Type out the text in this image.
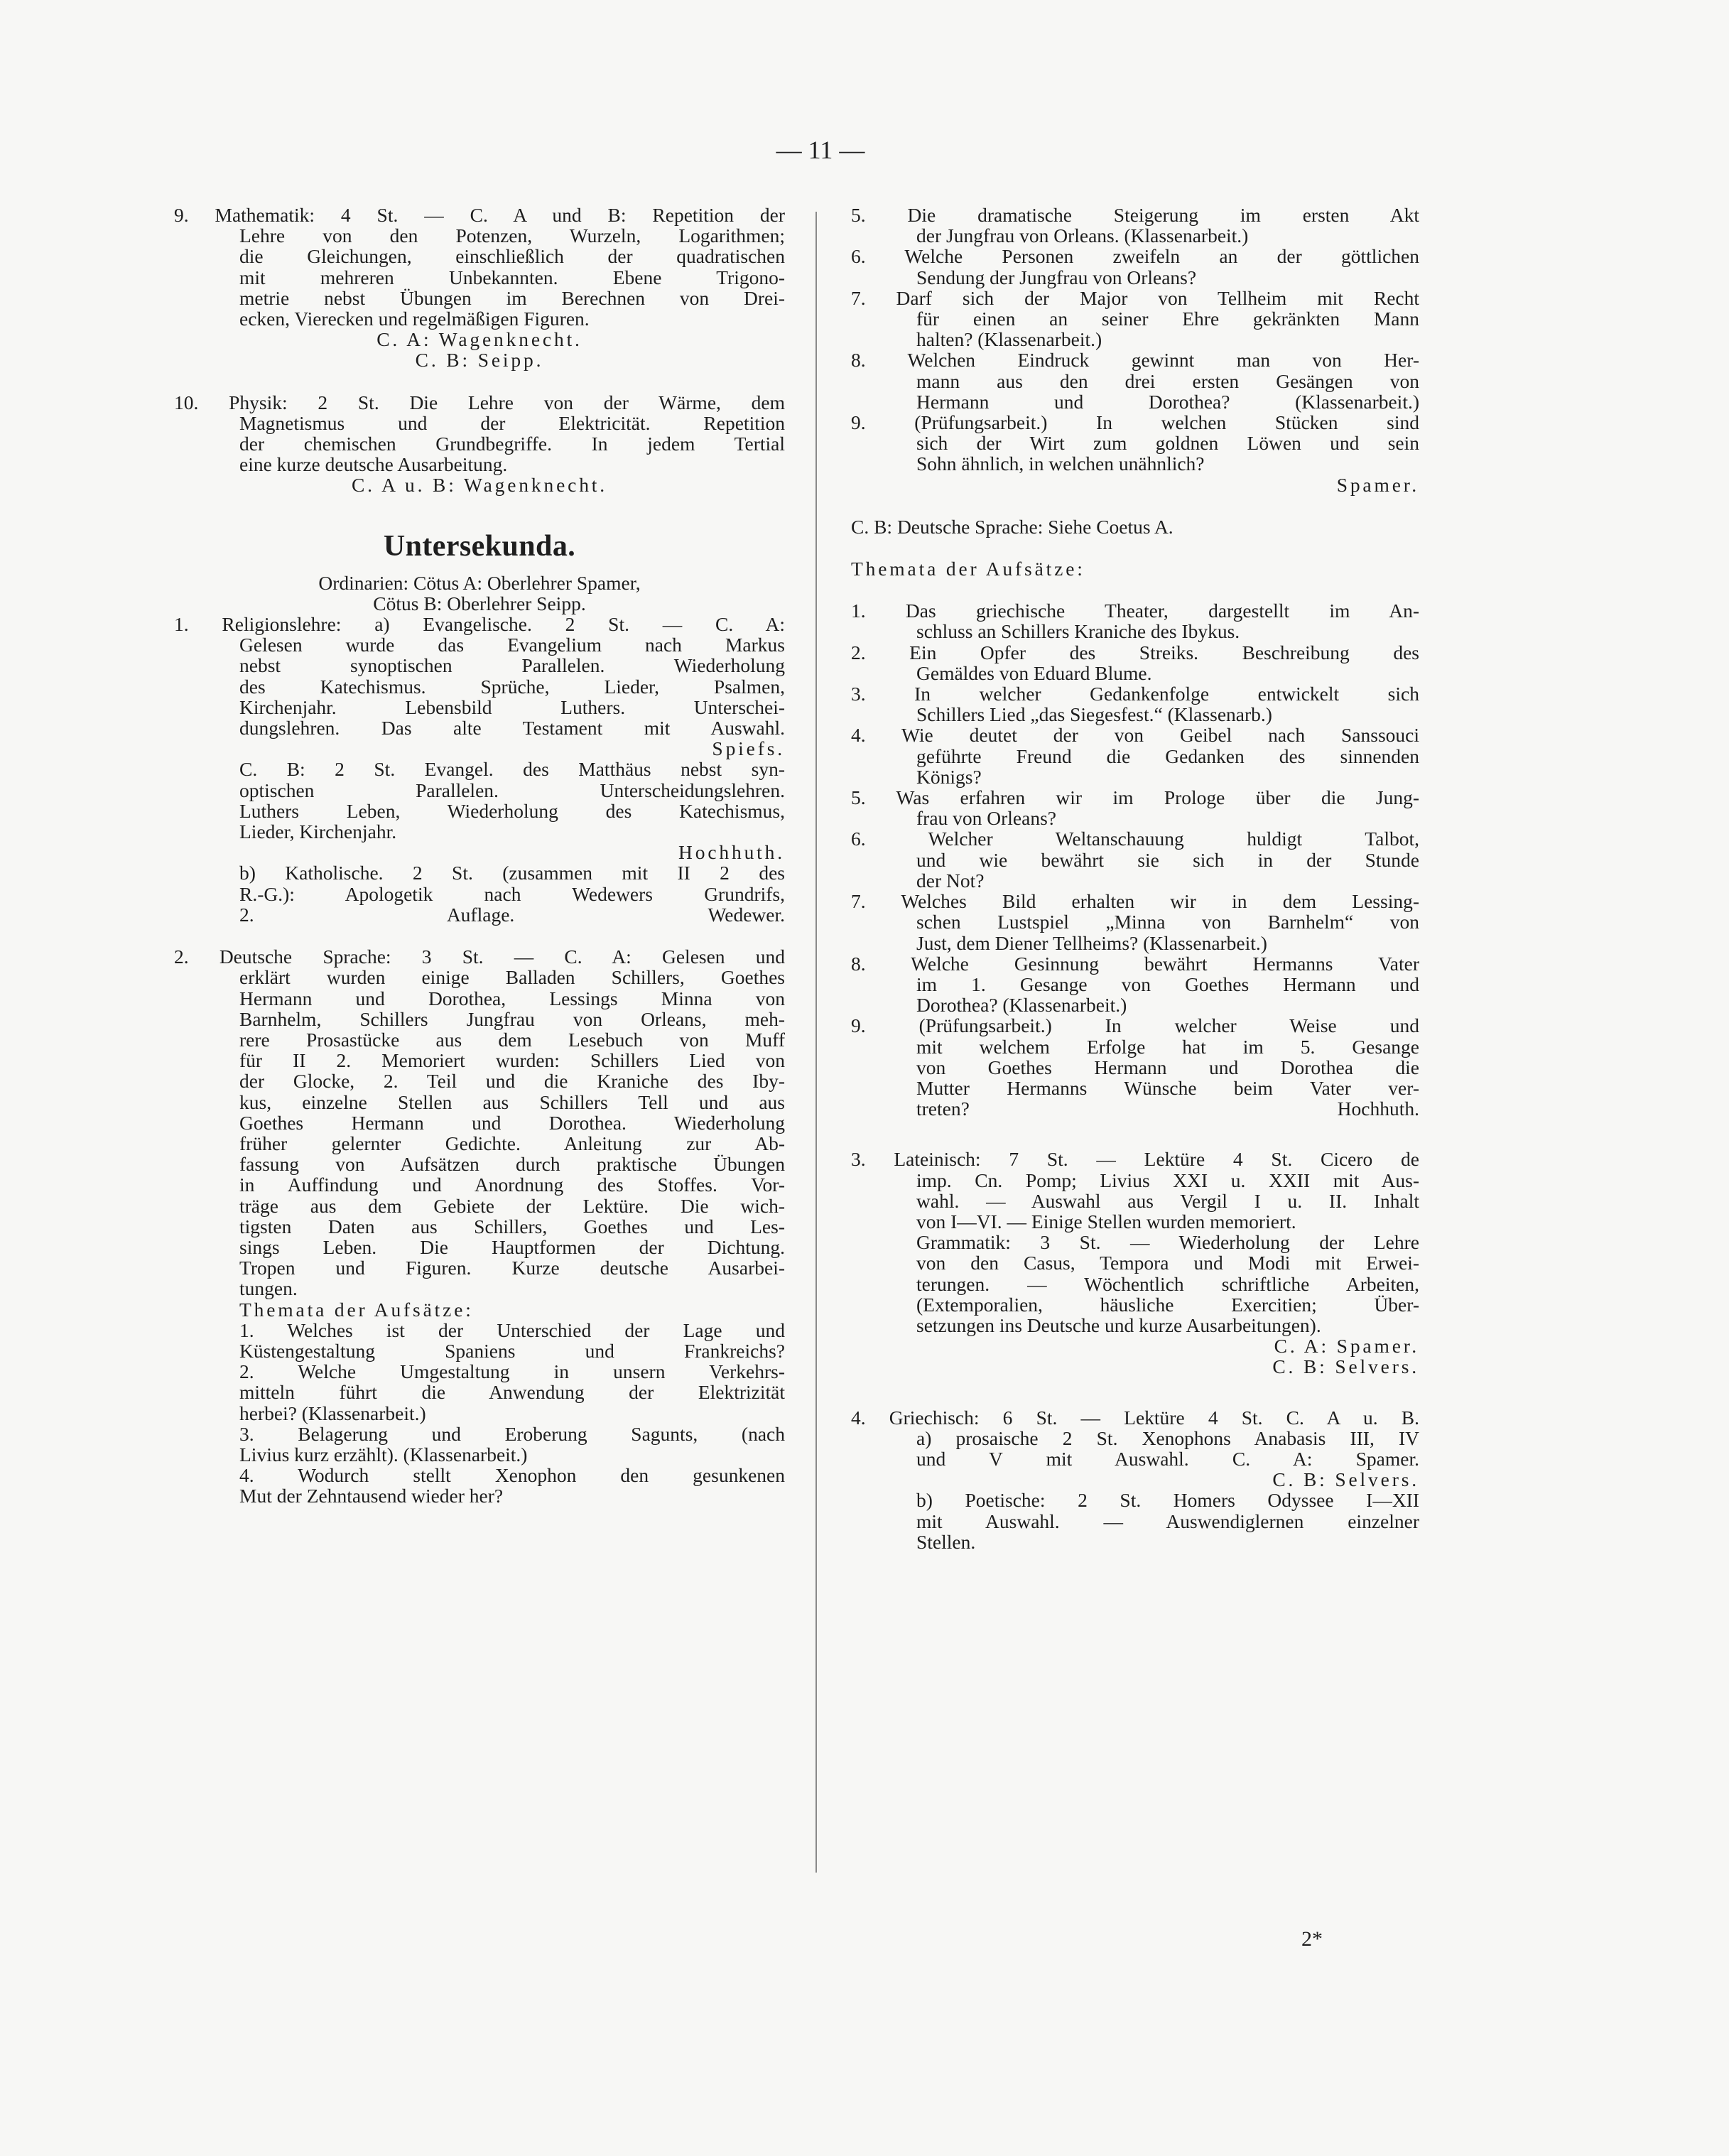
— 11 —
9. Mathematik: 4 St. — C. A und B: Repetition der
Lehre von den Potenzen, Wurzeln, Logarithmen;
die Gleichungen, einschließlich der quadratischen
mit mehreren Unbekannten. Ebene Trigono-
metrie nebst Übungen im Berechnen von Drei-
ecken, Vierecken und regelmäßigen Figuren.
C. A: Wagenknecht.
C. B: Seipp.
10. Physik: 2 St. Die Lehre von der Wärme, dem
Magnetismus und der Elektricität. Repetition
der chemischen Grundbegriffe. In jedem Tertial
eine kurze deutsche Ausarbeitung.
C. A u. B: Wagenknecht.
Untersekunda.
Ordinarien: Cötus A: Oberlehrer Spamer,
Cötus B: Oberlehrer Seipp.
1. Religionslehre: a) Evangelische. 2 St. — C. A:
Gelesen wurde das Evangelium nach Markus
nebst synoptischen Parallelen. Wiederholung
des Katechismus. Sprüche, Lieder, Psalmen,
Kirchenjahr. Lebensbild Luthers. Unterschei-
dungslehren. Das alte Testament mit Auswahl.
Spiefs.
C. B: 2 St. Evangel. des Matthäus nebst syn-
optischen Parallelen. Unterscheidungslehren.
Luthers Leben, Wiederholung des Katechismus,
Lieder, Kirchenjahr.
Hochhuth.
b) Katholische. 2 St. (zusammen mit II 2 des
R.-G.): Apologetik nach Wedewers Grundrifs,
2. Auflage. Wedewer.
2. Deutsche Sprache: 3 St. — C. A: Gelesen und
erklärt wurden einige Balladen Schillers, Goethes
Hermann und Dorothea, Lessings Minna von
Barnhelm, Schillers Jungfrau von Orleans, meh-
rere Prosastücke aus dem Lesebuch von Muff
für II 2. Memoriert wurden: Schillers Lied von
der Glocke, 2. Teil und die Kraniche des Iby-
kus, einzelne Stellen aus Schillers Tell und aus
Goethes Hermann und Dorothea. Wiederholung
früher gelernter Gedichte. Anleitung zur Ab-
fassung von Aufsätzen durch praktische Übungen
in Auffindung und Anordnung des Stoffes. Vor-
träge aus dem Gebiete der Lektüre. Die wich-
tigsten Daten aus Schillers, Goethes und Les-
sings Leben. Die Hauptformen der Dichtung.
Tropen und Figuren. Kurze deutsche Ausarbei-
tungen.
Themata der Aufsätze:
1. Welches ist der Unterschied der Lage und
Küstengestaltung Spaniens und Frankreichs?
2. Welche Umgestaltung in unsern Verkehrs-
mitteln führt die Anwendung der Elektrizität
herbei? (Klassenarbeit.)
3. Belagerung und Eroberung Sagunts, (nach
Livius kurz erzählt). (Klassenarbeit.)
4. Wodurch stellt Xenophon den gesunkenen
Mut der Zehntausend wieder her?
5. Die dramatische Steigerung im ersten Akt
der Jungfrau von Orleans. (Klassenarbeit.)
6. Welche Personen zweifeln an der göttlichen
Sendung der Jungfrau von Orleans?
7. Darf sich der Major von Tellheim mit Recht
für einen an seiner Ehre gekränkten Mann
halten? (Klassenarbeit.)
8. Welchen Eindruck gewinnt man von Her-
mann aus den drei ersten Gesängen von
Hermann und Dorothea? (Klassenarbeit.)
9. (Prüfungsarbeit.) In welchen Stücken sind
sich der Wirt zum goldnen Löwen und sein
Sohn ähnlich, in welchen unähnlich?
Spamer.
C. B: Deutsche Sprache: Siehe Coetus A.
Themata der Aufsätze:
1. Das griechische Theater, dargestellt im An-
schluss an Schillers Kraniche des Ibykus.
2. Ein Opfer des Streiks. Beschreibung des
Gemäldes von Eduard Blume.
3. In welcher Gedankenfolge entwickelt sich
Schillers Lied „das Siegesfest.“ (Klassenarb.)
4. Wie deutet der von Geibel nach Sanssouci
geführte Freund die Gedanken des sinnenden
Königs?
5. Was erfahren wir im Prologe über die Jung-
frau von Orleans?
6. Welcher Weltanschauung huldigt Talbot,
und wie bewährt sie sich in der Stunde
der Not?
7. Welches Bild erhalten wir in dem Lessing-
schen Lustspiel „Minna von Barnhelm“ von
Just, dem Diener Tellheims? (Klassenarbeit.)
8. Welche Gesinnung bewährt Hermanns Vater
im 1. Gesange von Goethes Hermann und
Dorothea? (Klassenarbeit.)
9. (Prüfungsarbeit.) In welcher Weise und
mit welchem Erfolge hat im 5. Gesange
von Goethes Hermann und Dorothea die
Mutter Hermanns Wünsche beim Vater ver-
treten? Hochhuth.
3. Lateinisch: 7 St. — Lektüre 4 St. Cicero de
imp. Cn. Pomp; Livius XXI u. XXII mit Aus-
wahl. — Auswahl aus Vergil I u. II. Inhalt
von I—VI. — Einige Stellen wurden memoriert.
Grammatik: 3 St. — Wiederholung der Lehre
von den Casus, Tempora und Modi mit Erwei-
terungen. — Wöchentlich schriftliche Arbeiten,
(Extemporalien, häusliche Exercitien; Über-
setzungen ins Deutsche und kurze Ausarbeitungen).
C. A: Spamer.
C. B: Selvers.
4. Griechisch: 6 St. — Lektüre 4 St. C. A u. B.
a) prosaische 2 St. Xenophons Anabasis III, IV
und V mit Auswahl. C. A: Spamer.
C. B: Selvers.
b) Poetische: 2 St. Homers Odyssee I—XII
mit Auswahl. — Auswendiglernen einzelner
Stellen.
2*
